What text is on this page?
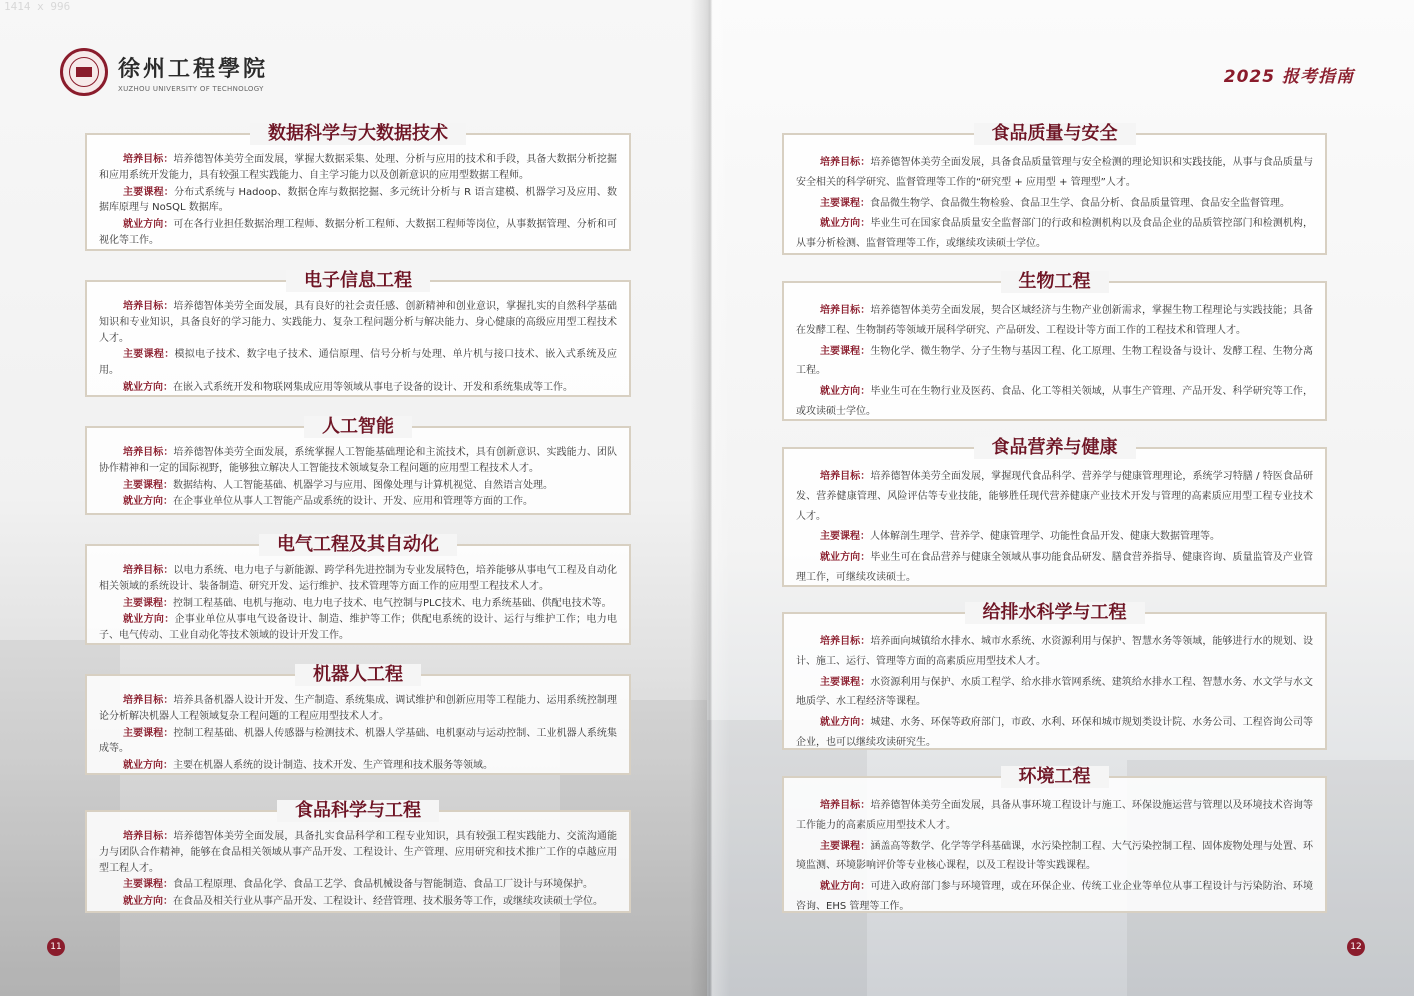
1414 x 996
徐州工程學院
XUZHOU UNIVERSITY OF TECHNOLOGY
数据科学与大数据技术

培养目标：培养德智体美劳全面发展，掌握大数据采集、处理、分析与应用的技术和手段，具备大数据分析挖掘和应用系统开发能力，具有较强工程实践能力、自主学习能力以及创新意识的应用型数据工程师。

主要课程：分布式系统与 Hadoop、数据仓库与数据挖掘、多元统计分析与 R 语言建模、机器学习及应用、数据库原理与 NoSQL 数据库。

就业方向：可在各行业担任数据治理工程师、数据分析工程师、大数据工程师等岗位，从事数据管理、分析和可视化等工作。

电子信息工程

培养目标：培养德智体美劳全面发展，具有良好的社会责任感、创新精神和创业意识，掌握扎实的自然科学基础知识和专业知识，具备良好的学习能力、实践能力、复杂工程问题分析与解决能力、身心健康的高级应用型工程技术人才。

主要课程：模拟电子技术、数字电子技术、通信原理、信号分析与处理、单片机与接口技术、嵌入式系统及应用。

就业方向：在嵌入式系统开发和物联网集成应用等领域从事电子设备的设计、开发和系统集成等工作。

人工智能

培养目标：培养德智体美劳全面发展，系统掌握人工智能基础理论和主流技术，具有创新意识、实践能力、团队协作精神和一定的国际视野，能够独立解决人工智能技术领域复杂工程问题的应用型工程技术人才。

主要课程：数据结构、人工智能基础、机器学习与应用、图像处理与计算机视觉、自然语言处理。

就业方向：在企事业单位从事人工智能产品或系统的设计、开发、应用和管理等方面的工作。

电气工程及其自动化

培养目标：以电力系统、电力电子与新能源、跨学科先进控制为专业发展特色，培养能够从事电气工程及自动化相关领域的系统设计、装备制造、研究开发、运行维护、技术管理等方面工作的应用型工程技术人才。

主要课程：控制工程基础、电机与拖动、电力电子技术、电气控制与PLC技术、电力系统基础、供配电技术等。

就业方向：企事业单位从事电气设备设计、制造、维护等工作；供配电系统的设计、运行与维护工作；电力电子、电气传动、工业自动化等技术领域的设计开发工作。

机器人工程

培养目标：培养具备机器人设计开发、生产制造、系统集成、调试维护和创新应用等工程能力、运用系统控制理论分析解决机器人工程领域复杂工程问题的工程应用型技术人才。

主要课程：控制工程基础、机器人传感器与检测技术、机器人学基础、电机驱动与运动控制、工业机器人系统集成等。

就业方向：主要在机器人系统的设计制造、技术开发、生产管理和技术服务等领域。

食品科学与工程

培养目标：培养德智体美劳全面发展，具备扎实食品科学和工程专业知识，具有较强工程实践能力、交流沟通能力与团队合作精神，能够在食品相关领域从事产品开发、工程设计、生产管理、应用研究和技术推广工作的卓越应用型工程人才。

主要课程：食品工程原理、食品化学、食品工艺学、食品机械设备与智能制造、食品工厂设计与环境保护。

就业方向：在食品及相关行业从事产品开发、工程设计、经营管理、技术服务等工作，或继续攻读硕士学位。

11
2025 报考指南
食品质量与安全

培养目标：培养德智体美劳全面发展，具备食品质量管理与安全检测的理论知识和实践技能，从事与食品质量与安全相关的科学研究、监督管理等工作的“研究型 + 应用型 + 管理型”人才。

主要课程：食品微生物学、食品微生物检验、食品卫生学、食品分析、食品质量管理、食品安全监督管理。

就业方向：毕业生可在国家食品质量安全监督部门的行政和检测机构以及食品企业的品质管控部门和检测机构，从事分析检测、监督管理等工作，或继续攻读硕士学位。

生物工程

培养目标：培养德智体美劳全面发展，契合区域经济与生物产业创新需求，掌握生物工程理论与实践技能；具备在发酵工程、生物制药等领域开展科学研究、产品研发、工程设计等方面工作的工程技术和管理人才。

主要课程：生物化学、微生物学、分子生物与基因工程、化工原理、生物工程设备与设计、发酵工程、生物分离工程。

就业方向：毕业生可在生物行业及医药、食品、化工等相关领域，从事生产管理、产品开发、科学研究等工作，或攻读硕士学位。

食品营养与健康

培养目标：培养德智体美劳全面发展，掌握现代食品科学、营养学与健康管理理论，系统学习特膳 / 特医食品研发、营养健康管理、风险评估等专业技能，能够胜任现代营养健康产业技术开发与管理的高素质应用型工程专业技术人才。

主要课程：人体解剖生理学、营养学、健康管理学、功能性食品开发、健康大数据管理等。

就业方向：毕业生可在食品营养与健康全领域从事功能食品研发、膳食营养指导、健康咨询、质量监管及产业管理工作，可继续攻读硕士。

给排水科学与工程

培养目标：培养面向城镇给水排水、城市水系统、水资源利用与保护、智慧水务等领域，能够进行水的规划、设计、施工、运行、管理等方面的高素质应用型技术人才。

主要课程：水资源利用与保护、水质工程学、给水排水管网系统、建筑给水排水工程、智慧水务、水文学与水文地质学、水工程经济等课程。

就业方向：城建、水务、环保等政府部门，市政、水利、环保和城市规划类设计院、水务公司、工程咨询公司等企业，也可以继续攻读研究生。

环境工程

培养目标：培养德智体美劳全面发展，具备从事环境工程设计与施工、环保设施运营与管理以及环境技术咨询等工作能力的高素质应用型技术人才。

主要课程：涵盖高等数学、化学等学科基础课，水污染控制工程、大气污染控制工程、固体废物处理与处置、环境监测、环境影响评价等专业核心课程，以及工程设计等实践课程。

就业方向：可进入政府部门参与环境管理，或在环保企业、传统工业企业等单位从事工程设计与污染防治、环境咨询、EHS 管理等工作。

12
